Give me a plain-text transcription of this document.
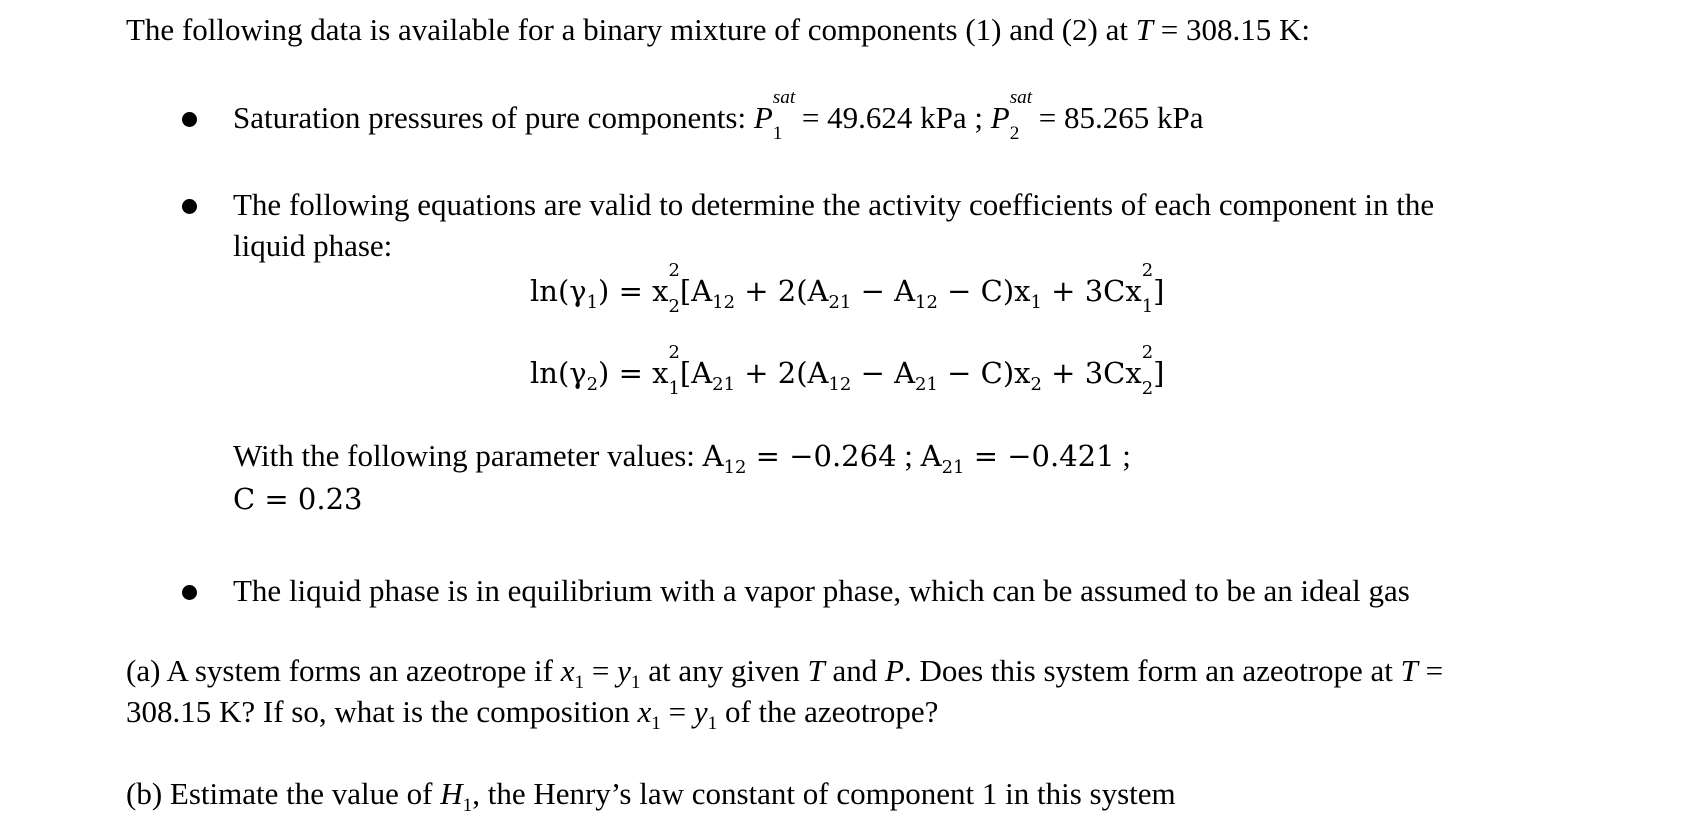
The following data is available for a binary mixture of components (1) and (2) at T = 308.15 K:
Saturation pressures of pure components: P
sat
1 = 49.624 kPa ; P
sat
2 = 85.265 kPa
The following equations are valid to determine the activity coefficients of each component in the
liquid phase:
$\ln(\gamma_1) = x$
2
2 [$A_{12} + 2(A_{21} - A_{12} - C)x_1 + 3Cx$
2
1 ]
$\ln(\gamma_2) = x$
2
1 [$A_{21} + 2(A_{12} - A_{21} - C)x_2 + 3Cx$
2
2 ]
With the following parameter values: $A_{12} = -0.264$ ; $A_{21} = -0.421$ ;
C = 0.23
The liquid phase is in equilibrium with a vapor phase, which can be assumed to be an ideal gas
(a) A system forms an azeotrope if $x_1 = y_1$ at any given T and P. Does this system form an azeotrope at T =
308.15 K? If so, what is the composition $x_1 = y_1$ of the azeotrope?
(b) Estimate the value of $H_1$, the Henry’s law constant of component 1 in this system
